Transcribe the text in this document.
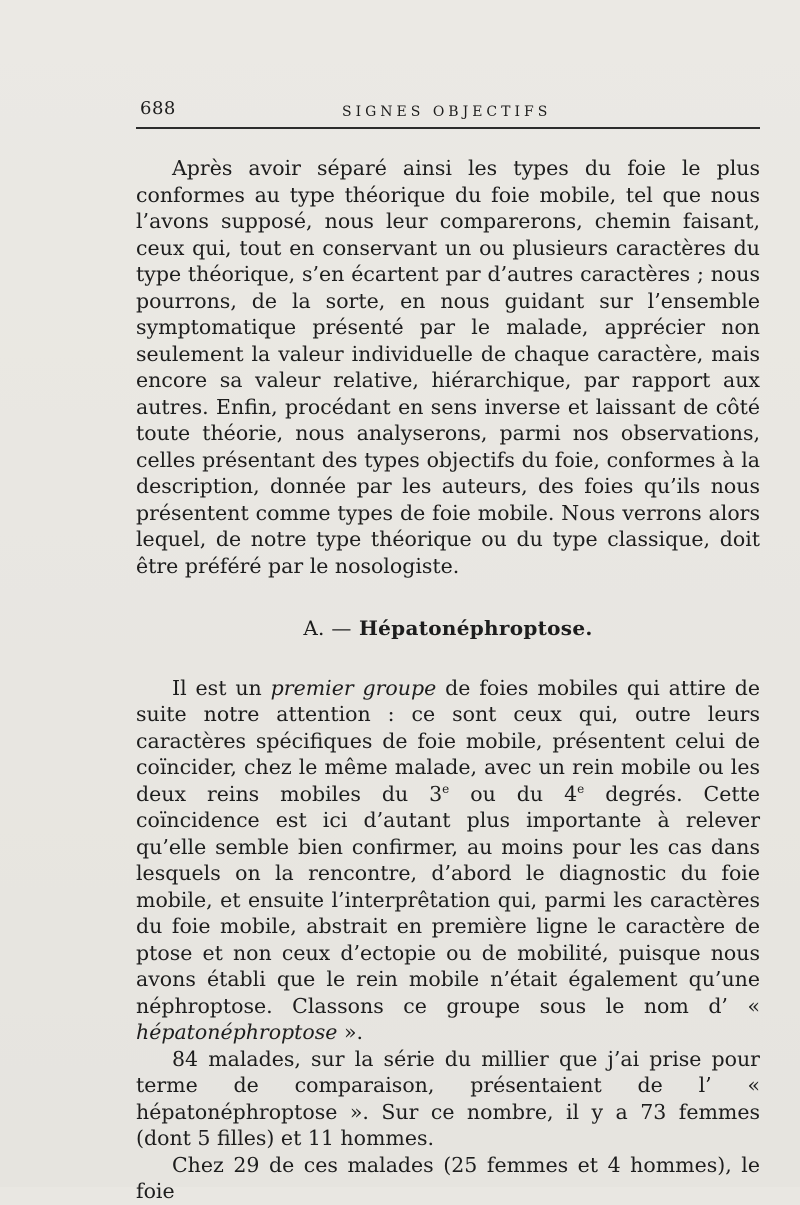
688	SIGNES OBJECTIFS

Après avoir séparé ainsi les types du foie le plus conformes au type théorique du foie mobile, tel que nous l’avons supposé, nous leur comparerons, chemin faisant, ceux qui, tout en conservant un ou plusieurs caractères du type théorique, s’en écartent par d’autres caractères ; nous pourrons, de la sorte, en nous guidant sur l’ensemble symptomatique présenté par le malade, apprécier non seulement la valeur individuelle de chaque caractère, mais encore sa valeur relative, hiérarchique, par rapport aux autres. Enfin, procédant en sens inverse et laissant de côté toute théorie, nous analyserons, parmi nos observations, celles présentant des types objectifs du foie, conformes à la description, donnée par les auteurs, des foies qu’ils nous présentent comme types de foie mobile. Nous verrons alors lequel, de notre type théorique ou du type classique, doit être préféré par le nosologiste.

A. — Hépatonéphroptose.

Il est un premier groupe de foies mobiles qui attire de suite notre attention : ce sont ceux qui, outre leurs caractères spécifiques de foie mobile, présentent celui de coïncider, chez le même malade, avec un rein mobile ou les deux reins mobiles du 3e ou du 4e degrés. Cette coïncidence est ici d’autant plus importante à relever qu’elle semble bien confirmer, au moins pour les cas dans lesquels on la rencontre, d’abord le diagnostic du foie mobile, et ensuite l’interprêtation qui, parmi les caractères du foie mobile, abstrait en première ligne le caractère de ptose et non ceux d’ectopie ou de mobilité, puisque nous avons établi que le rein mobile n’était également qu’une néphroptose. Classons ce groupe sous le nom d’ « hépatonéphroptose ».

84 malades, sur la série du millier que j’ai prise pour terme de comparaison, présentaient de l’ « hépatonéphroptose ». Sur ce nombre, il y a 73 femmes (dont 5 filles) et 11 hommes.

Chez 29 de ces malades (25 femmes et 4 hommes), le foie
